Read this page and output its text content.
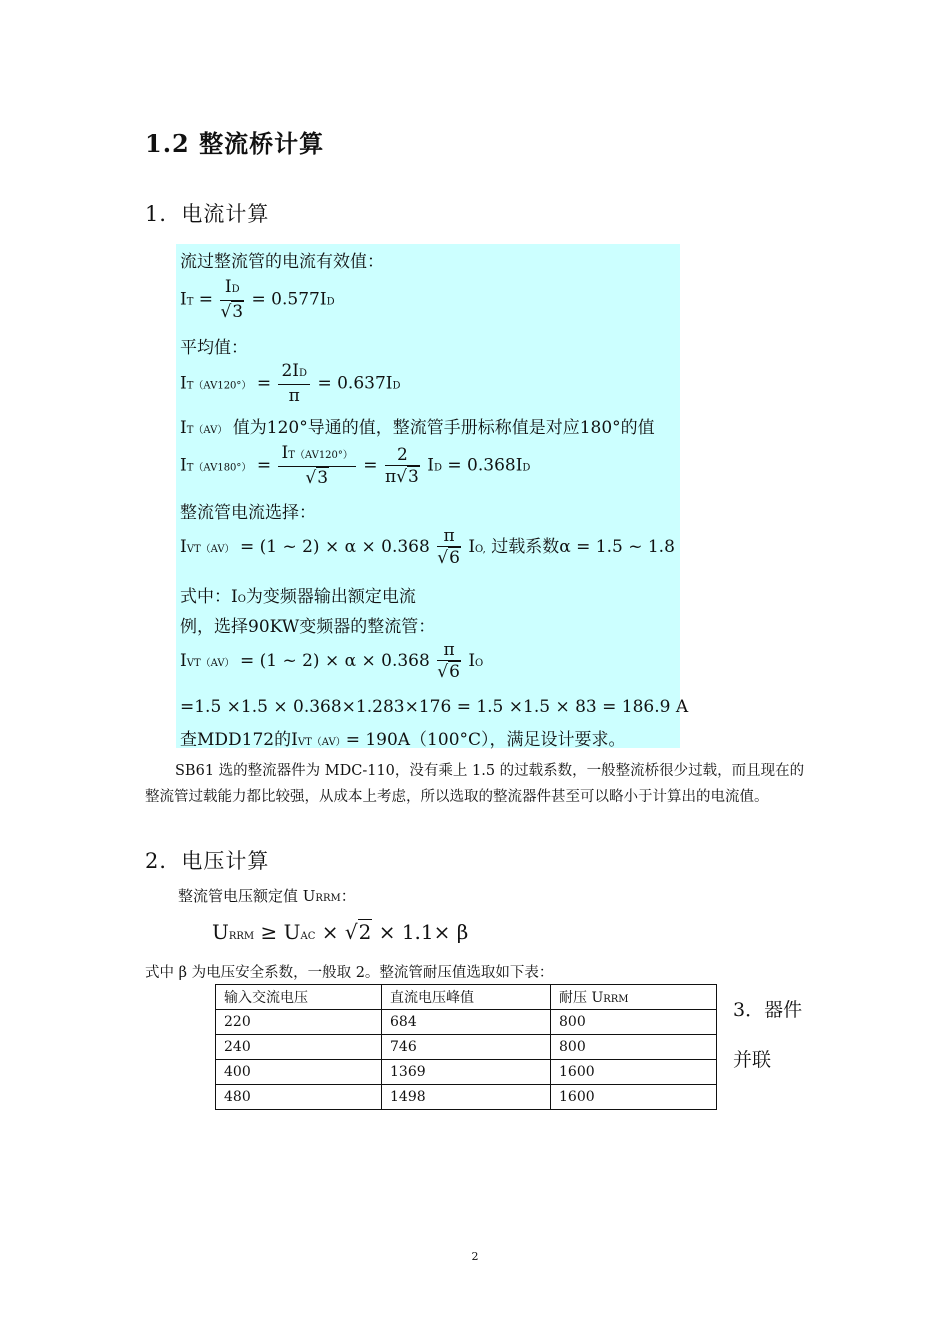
1.2 整流桥计算
1．电流计算
流过整流管的电流有效值：
IT = $\frac{ID}{√3} = 0.577ID$
平均值：
$IT(AV120^\circ) = \frac{2ID}{\pi} = 0.637ID$
IT（AV） 值为120°导通的值，整流管手册标称值是对应180°的值
$IT(AV180^\circ) = \frac{IT(AV120^\circ)}{√3} = \frac{2}{\pi√3}$ ID = 0.368ID
整流管电流选择：
IVT（AV） = (1 ~ $2) \times \alpha \times 0.368 \frac{\pi}{√6}$ IO, 过载系数α = 1.5 ~ 1.8
式中：IO为变频器输出额定电流
例，选择90KW变频器的整流管：
IVT（AV） = (1 ~ $2) \times \alpha \times 0.368 \frac{\pi}{√6}$ IO
=1.5 ×1.5 × 0.368×1.283×176 = 1.5 ×1.5 × 83 = 186.9 A
查MDD172的IVT（AV）= 190A（100°C），满足设计要求。
SB61 选的整流器件为 MDC-110，没有乘上 1.5 的过载系数，一般整流桥很少过载，而且现在的整流管过载能力都比较强，从成本上考虑，所以选取的整流器件甚至可以略小于计算出的电流值。
2．电压计算
整流管电压额定值 URRM：
URRM ≥ UAC × √2 × 1.1× β
式中 β 为电压安全系数，一般取 2。整流管耐压值选取如下表：
输入交流电压	直流电压峰值	耐压 URRM
220	684	800
240	746	800
400	1369	1600
480	1498	1600
3．器件
并联
2
